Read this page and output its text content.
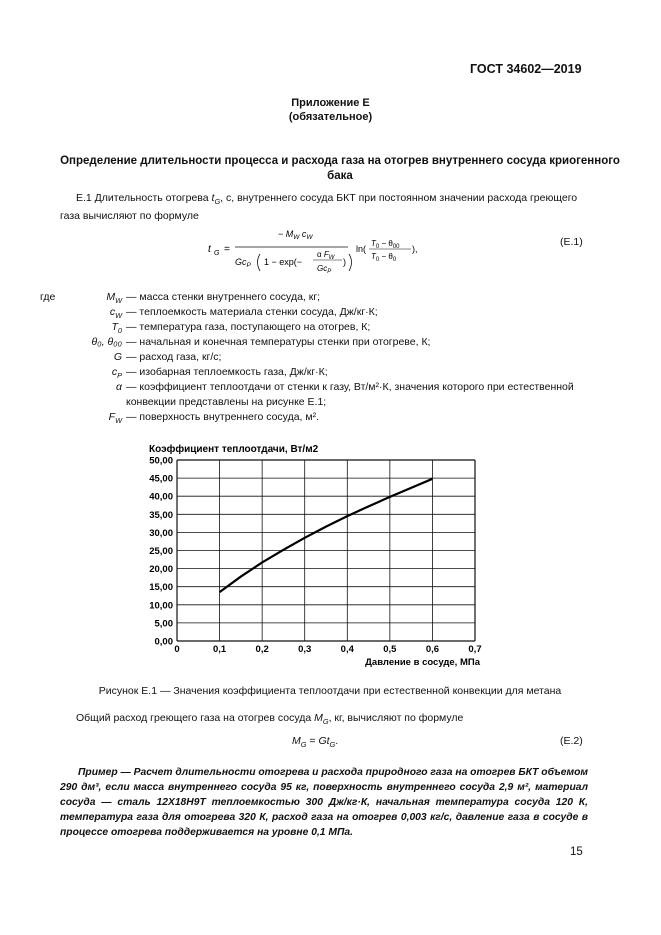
ГОСТ 34602—2019
Приложение Е
(обязательное)
Определение длительности процесса и расхода газа на отогрев внутреннего сосуда криогенного бака
Е.1 Длительность отогрева $t_G$, с, внутреннего сосуда БКТ при постоянном значении расхода греющего газа вычисляют по формуле
t G =
− $M_W$ $c_W$
$Gc_P$ 1 − exp(−
α $F_W$
$Gc_P$
)
ln(
$T_0 - \theta_{00}$
$T_0 - \theta_0$
),
(Е.1)
где	$M_W$ — масса стенки внутреннего сосуда, кг;
$c_W$ — теплоемкость материала стенки сосуда, Дж/кг·К;
$T_0$ — температура газа, поступающего на отогрев, К;
θ₀, θ₀₀ — начальная и конечная температуры стенки при отогреве, К;
G — расход газа, кг/с;
$c_P$ — изобарная теплоемкость газа, Дж/кг·К;
α — коэффициент теплоотдачи от стенки к газу, Вт/м²·К, значения которого при естественной конвекции представлены на рисунке Е.1;
$F_W$ — поверхность внутреннего сосуда, м².
Коэффициент теплоотдачи, Вт/м2
Давление в сосуде, МПа
0,00
5,00
10,00
15,00
20,00
25,00
30,00
35,00
40,00
45,00
50,00
0	0,1	0,2	0,3	0,4	0,5	0,6	0,7
Рисунок Е.1 — Значения коэффициента теплоотдачи при естественной конвекции для метана
Общий расход греющего газа на отогрев сосуда $M_G$, кг, вычисляют по формуле
$M_G = Gt_G$.	(Е.2)
Пример — Расчет длительности отогрева и расхода природного газа на отогрев БКТ объемом 290 дм³, если масса внутреннего сосуда 95 кг, поверхность внутреннего сосуда 2,9 м², материал сосуда — сталь 12Х18Н9Т теплоемкостью 300 Дж/кг·К, начальная температура сосуда 120 К, температура газа для отогрева 320 К, расход газа на отогрев 0,003 кг/с, давление газа в сосуде в процессе отогрева поддерживается на уровне 0,1 МПа.
15
